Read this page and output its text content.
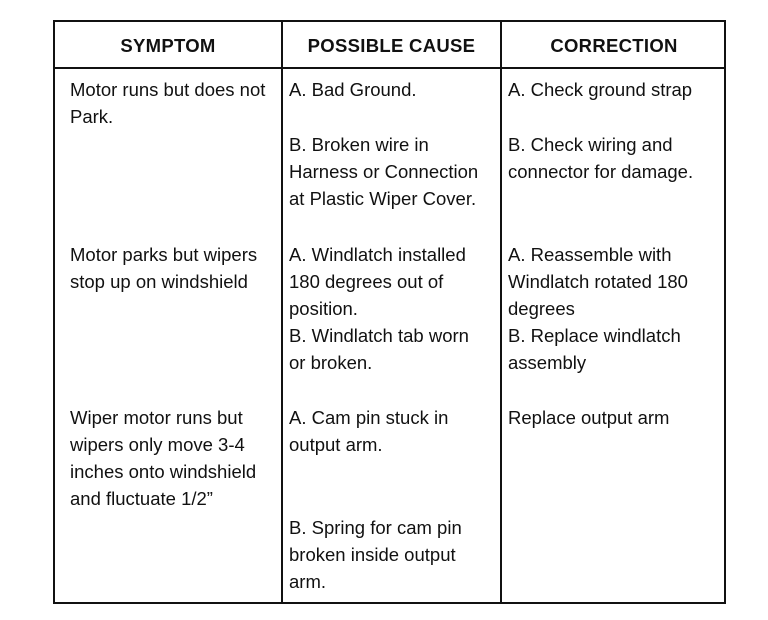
SYMPTOM	POSSIBLE CAUSE	CORRECTION
Motor runs but does not
Park.
A. Bad Ground.
B. Broken wire in
Harness or Connection
at Plastic Wiper Cover.
A. Check ground strap
B. Check wiring and
connector for damage.
Motor parks but wipers
stop up on windshield
A. Windlatch installed
180 degrees out of
position.
B. Windlatch tab worn
or broken.
A. Reassemble with
Windlatch rotated 180
degrees
B. Replace windlatch
assembly
Wiper motor runs but
wipers only move 3-4
inches onto windshield
and fluctuate 1/2”
A. Cam pin stuck in
output arm.
B. Spring for cam pin
broken inside output
arm.
Replace output arm
